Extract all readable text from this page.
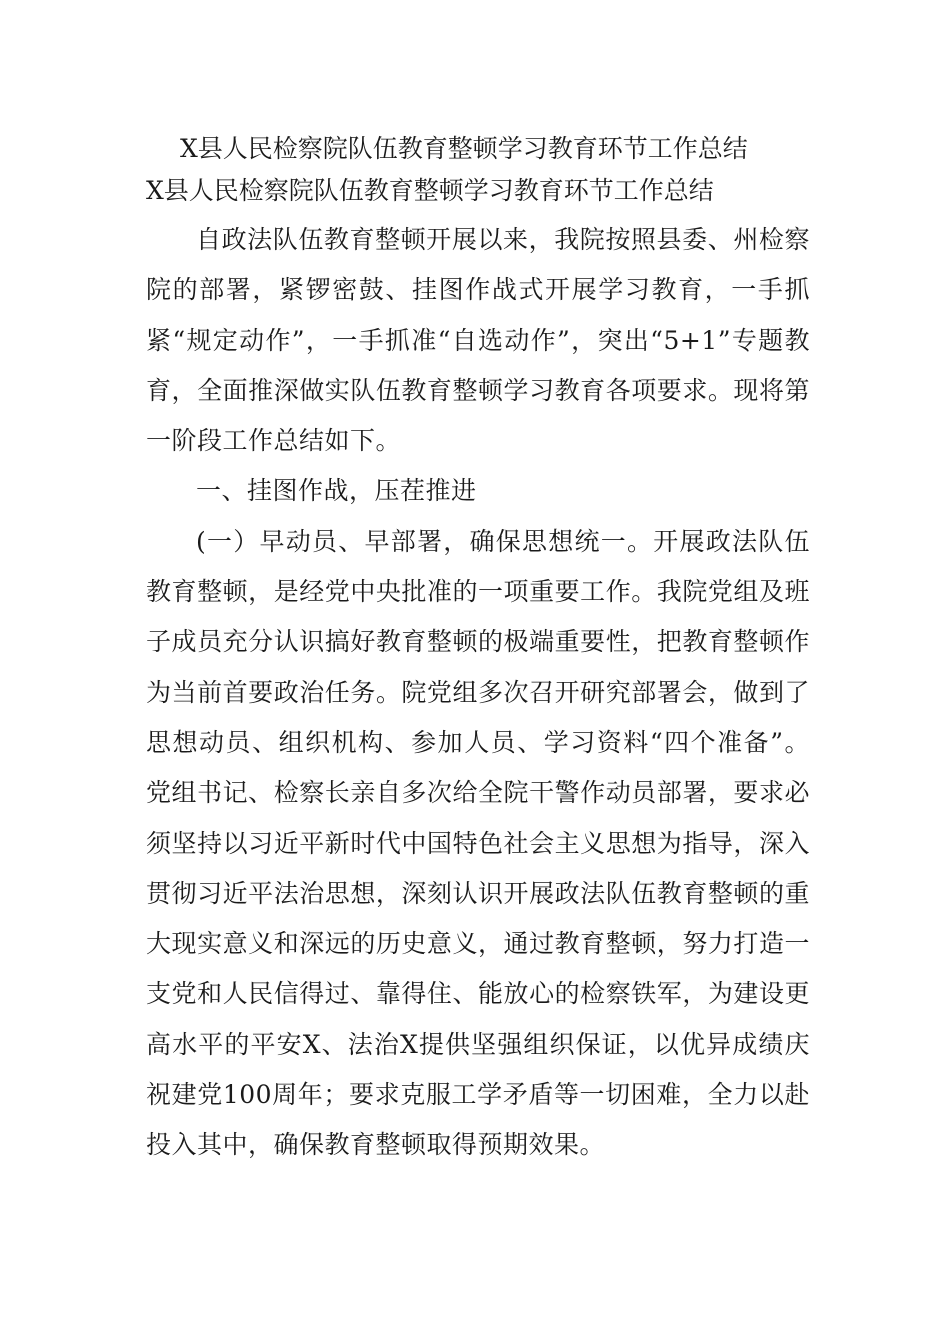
X县人民检察院队伍教育整顿学习教育环节工作总结
X县人民检察院队伍教育整顿学习教育环节工作总结

自政法队伍教育整顿开展以来，我院按照县委、州检察院的部署，紧锣密鼓、挂图作战式开展学习教育，一手抓紧“规定动作”，一手抓准“自选动作”，突出“5+1”专题教育，全面推深做实队伍教育整顿学习教育各项要求。现将第一阶段工作总结如下。

一、挂图作战，压茬推进

(一）早动员、早部署，确保思想统一。开展政法队伍教育整顿，是经党中央批准的一项重要工作。我院党组及班子成员充分认识搞好教育整顿的极端重要性，把教育整顿作为当前首要政治任务。院党组多次召开研究部署会，做到了思想动员、组织机构、参加人员、学习资料“四个准备”。党组书记、检察长亲自多次给全院干警作动员部署，要求必须坚持以习近平新时代中国特色社会主义思想为指导，深入贯彻习近平法治思想，深刻认识开展政法队伍教育整顿的重大现实意义和深远的历史意义，通过教育整顿，努力打造一支党和人民信得过、靠得住、能放心的检察铁军，为建设更高水平的平安X、法治X提供坚强组织保证，以优异成绩庆祝建党100周年；要求克服工学矛盾等一切困难，全力以赴投入其中，确保教育整顿取得预期效果。
